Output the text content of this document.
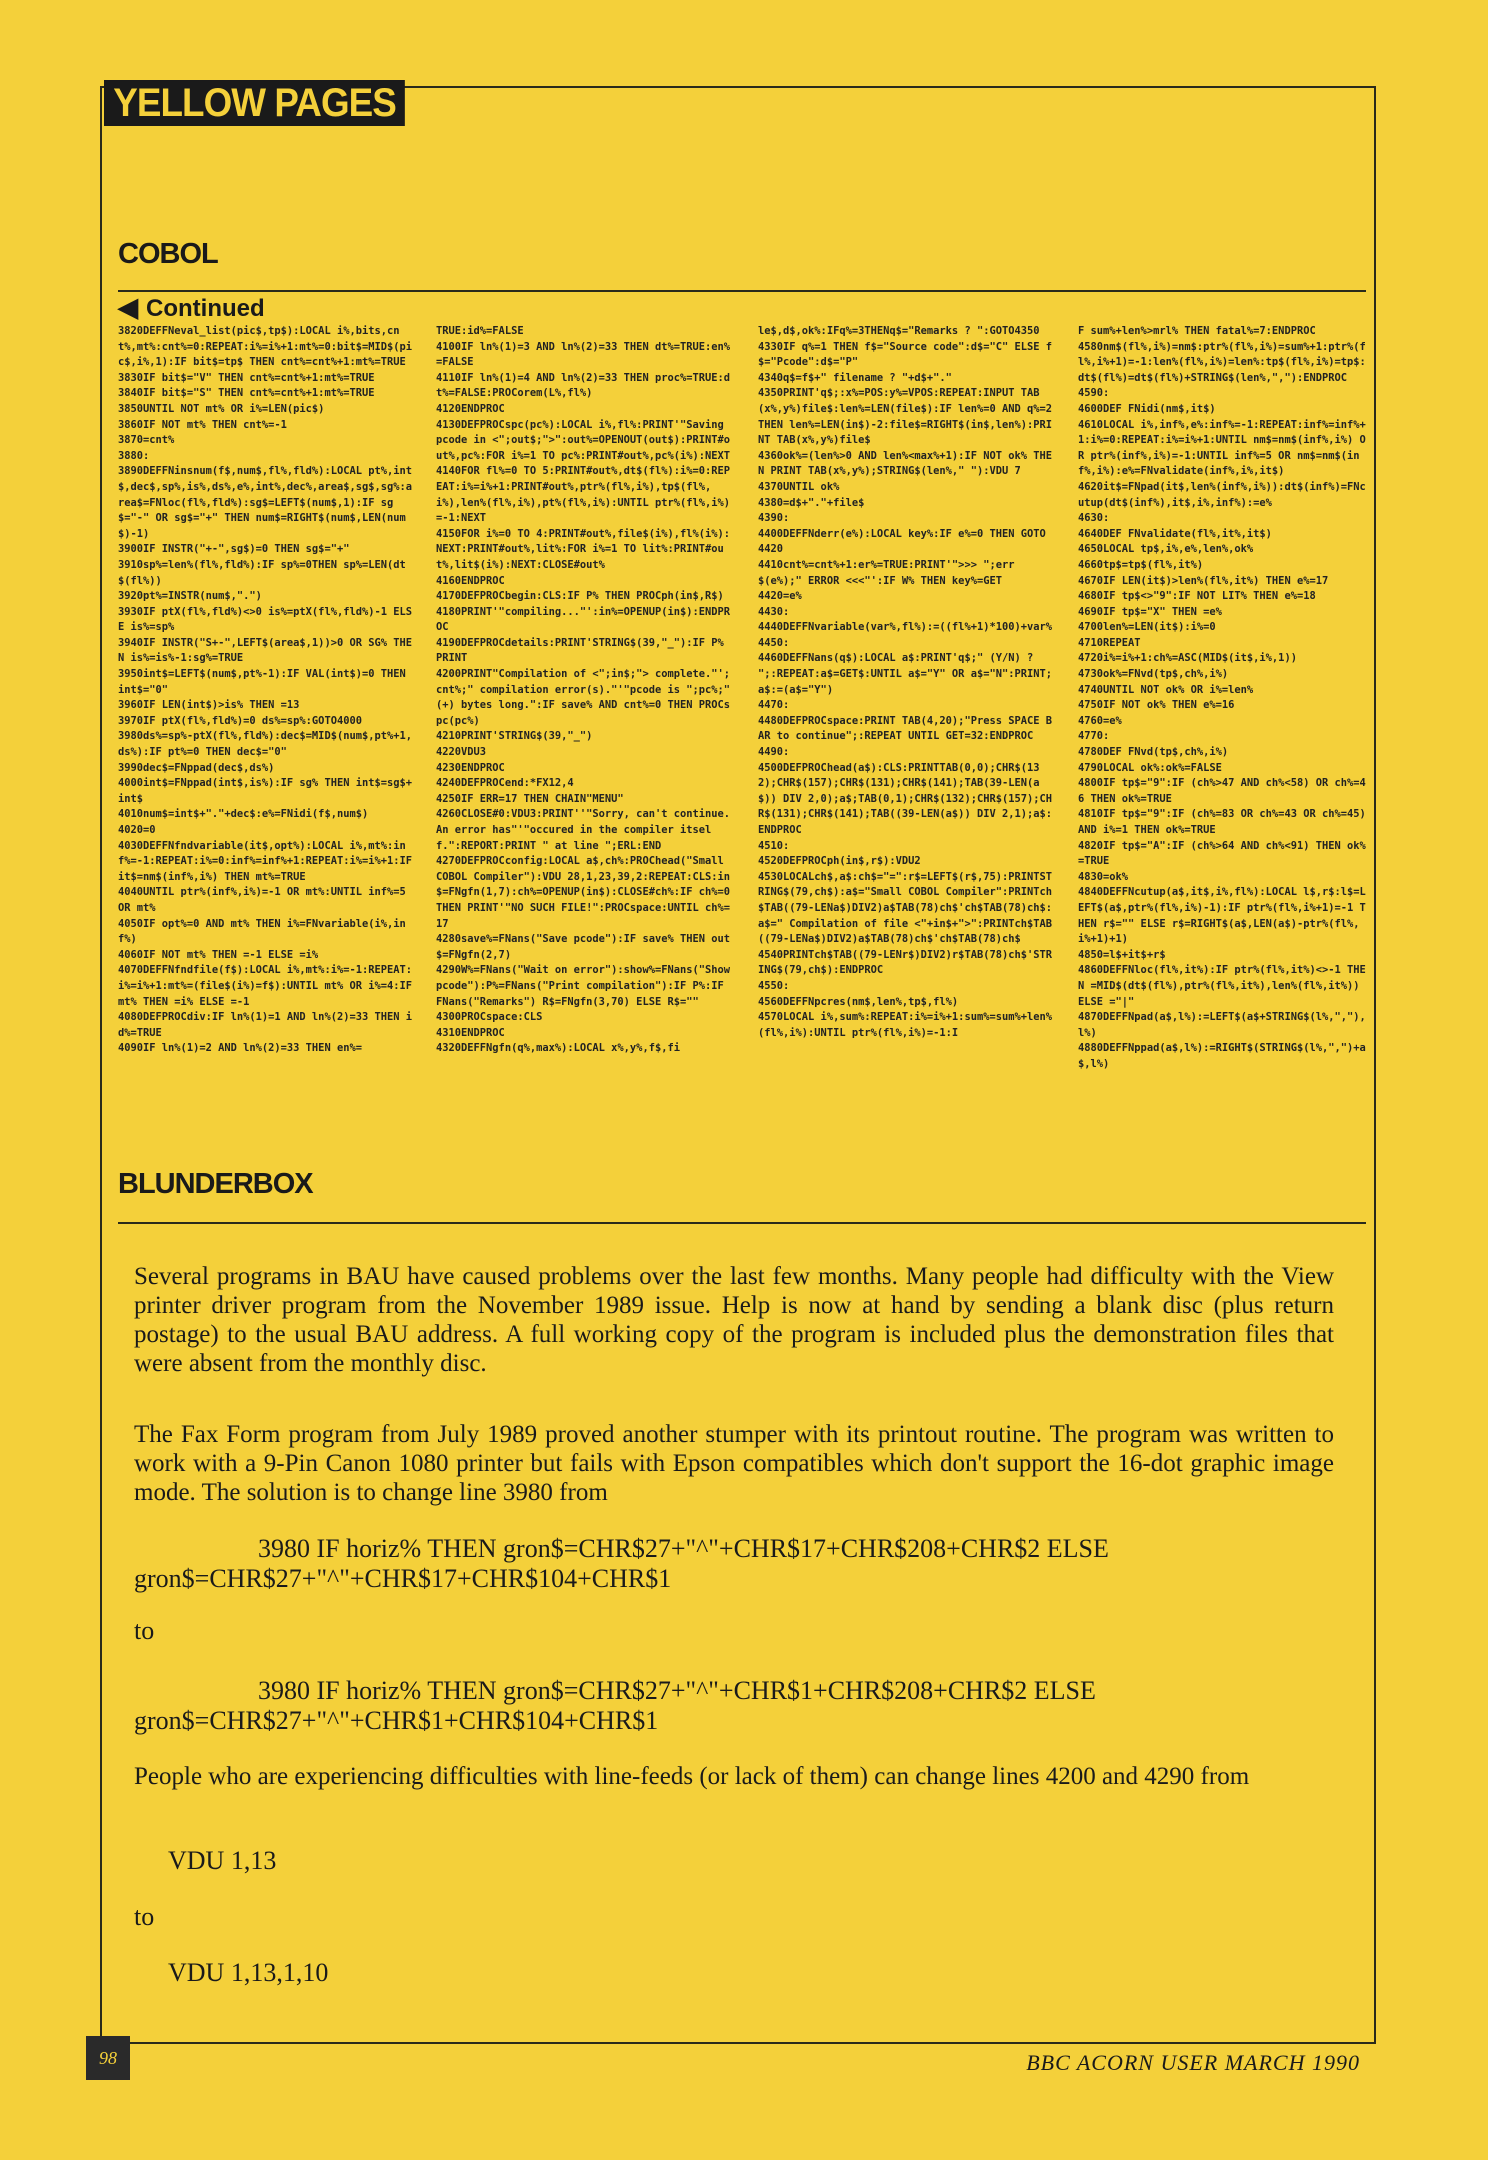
YELLOW PAGES
COBOL
◀ Continued
3820DEFFNeval_list(pic$,tp$):LOCAL i%,bits,cnt%,mt%:cnt%=0:REPEAT:i%=i%+1:mt%=0:bit$=MID$(pic$,i%,1):IF bit$=tp$ THEN cnt%=cnt%+1:mt%=TRUE
3830IF bit$="V" THEN cnt%=cnt%+1:mt%=TRUE
3840IF bit$="S" THEN cnt%=cnt%+1:mt%=TRUE
3850UNTIL NOT mt% OR i%=LEN(pic$)
3860IF NOT mt% THEN cnt%=-1
3870=cnt%
3880:
3890DEFFNinsnum(f$,num$,fl%,fld%):LOCAL pt%,int$,dec$,sp%,is%,ds%,e%,int%,dec%,area$,sg$,sg%:area$=FNloc(fl%,fld%):sg$=LEFT$(num$,1):IF sg$="-" OR sg$="+" THEN num$=RIGHT$(num$,LEN(num$)-1)
3900IF INSTR("+-",sg$)=0 THEN sg$="+"
3910sp%=len%(fl%,fld%):IF sp%=0THEN sp%=LEN(dt$(fl%))
3920pt%=INSTR(num$,".")
3930IF ptX(fl%,fld%)<>0 is%=ptX(fl%,fld%)-1 ELSE is%=sp%
3940IF INSTR("S+-",LEFT$(area$,1))>0 OR SG% THEN is%=is%-1:sg%=TRUE
3950int$=LEFT$(num$,pt%-1):IF VAL(int$)=0 THEN int$="0"
3960IF LEN(int$)>is% THEN =13
3970IF ptX(fl%,fld%)=0 ds%=sp%:GOTO4000
3980ds%=sp%-ptX(fl%,fld%):dec$=MID$(num$,pt%+1,ds%):IF pt%=0 THEN dec$="0"
3990dec$=FNppad(dec$,ds%)
4000int$=FNppad(int$,is%):IF sg% THEN int$=sg$+int$
4010num$=int$+"."+dec$:e%=FNidi(f$,num$)
4020=0
4030DEFFNfndvariable(it$,opt%):LOCAL i%,mt%:inf%=-1:REPEAT:i%=0:inf%=inf%+1:REPEAT:i%=i%+1:IF it$=nm$(inf%,i%) THEN mt%=TRUE
4040UNTIL ptr%(inf%,i%)=-1 OR mt%:UNTIL inf%=5 OR mt%
4050IF opt%=0 AND mt% THEN i%=FNvariable(i%,inf%)
4060IF NOT mt% THEN =-1 ELSE =i%
4070DEFFNfndfile(f$):LOCAL i%,mt%:i%=-1:REPEAT:i%=i%+1:mt%=(file$(i%)=f$):UNTIL mt% OR i%=4:IF mt% THEN =i% ELSE =-1
4080DEFPROCdiv:IF ln%(1)=1 AND ln%(2)=33 THEN id%=TRUE
4090IF ln%(1)=2 AND ln%(2)=33 THEN en%=
TRUE:id%=FALSE
4100IF ln%(1)=3 AND ln%(2)=33 THEN dt%=TRUE:en%=FALSE
4110IF ln%(1)=4 AND ln%(2)=33 THEN proc%=TRUE:dt%=FALSE:PROCorem(L%,fl%)
4120ENDPROC
4130DEFPROCspc(pc%):LOCAL i%,fl%:PRINT'"Saving pcode in <";out$;">":out%=OPENOUT(out$):PRINT#out%,pc%:FOR i%=1 TO pc%:PRINT#out%,pc%(i%):NEXT
4140FOR fl%=0 TO 5:PRINT#out%,dt$(fl%):i%=0:REPEAT:i%=i%+1:PRINT#out%,ptr%(fl%,i%),tp$(fl%,i%),len%(fl%,i%),pt%(fl%,i%):UNTIL ptr%(fl%,i%)=-1:NEXT
4150FOR i%=0 TO 4:PRINT#out%,file$(i%),fl%(i%):NEXT:PRINT#out%,lit%:FOR i%=1 TO lit%:PRINT#out%,lit$(i%):NEXT:CLOSE#out%
4160ENDPROC
4170DEFPROCbegin:CLS:IF P% THEN PROCph(in$,R$)
4180PRINT'"compiling..."':in%=OPENUP(in$):ENDPROC
4190DEFPROCdetails:PRINT'STRING$(39,"_"):IF P% PRINT
4200PRINT"Compilation of <";in$;"> complete."';cnt%;" compilation error(s)."'"pcode is ";pc%;"(+) bytes long.":IF save% AND cnt%=0 THEN PROCspc(pc%)
4210PRINT'STRING$(39,"_")
4220VDU3
4230ENDPROC
4240DEFPROCend:*FX12,4
4250IF ERR=17 THEN CHAIN"MENU"
4260CLOSE#0:VDU3:PRINT''"Sorry, can't continue. An error has"'"occured in the compiler itself.":REPORT:PRINT " at line ";ERL:END
4270DEFPROCconfig:LOCAL a$,ch%:PROChead("Small COBOL Compiler"):VDU 28,1,23,39,2:REPEAT:CLS:in$=FNgfn(1,7):ch%=OPENUP(in$):CLOSE#ch%:IF ch%=0 THEN PRINT'"NO SUCH FILE!":PROCspace:UNTIL ch%=17
4280save%=FNans("Save pcode"):IF save% THEN out$=FNgfn(2,7)
4290W%=FNans("Wait on error"):show%=FNans("Show pcode"):P%=FNans("Print compilation"):IF P%:IF FNans("Remarks") R$=FNgfn(3,70) ELSE R$=""
4300PROCspace:CLS
4310ENDPROC
4320DEFFNgfn(q%,max%):LOCAL x%,y%,f$,fi
le$,d$,ok%:IFq%=3THENq$="Remarks ? ":GOTO4350
4330IF q%=1 THEN f$="Source code":d$="C" ELSE f$="Pcode":d$="P"
4340q$=f$+" filename ? "+d$+"."
4350PRINT'q$;:x%=POS:y%=VPOS:REPEAT:INPUT TAB(x%,y%)file$:len%=LEN(file$):IF len%=0 AND q%=2 THEN len%=LEN(in$)-2:file$=RIGHT$(in$,len%):PRINT TAB(x%,y%)file$
4360ok%=(len%>0 AND len%<max%+1):IF NOT ok% THEN PRINT TAB(x%,y%);STRING$(len%," "):VDU 7
4370UNTIL ok%
4380=d$+"."+file$
4390:
4400DEFFNderr(e%):LOCAL key%:IF e%=0 THEN GOTO 4420
4410cnt%=cnt%+1:er%=TRUE:PRINT'">>> ";err$(e%);" ERROR <<<"':IF W% THEN key%=GET
4420=e%
4430:
4440DEFFNvariable(var%,fl%):=((fl%+1)*100)+var%
4450:
4460DEFFNans(q$):LOCAL a$:PRINT'q$;" (Y/N) ? ";:REPEAT:a$=GET$:UNTIL a$="Y" OR a$="N":PRINT;a$:=(a$="Y")
4470:
4480DEFPROCspace:PRINT TAB(4,20);"Press SPACE BAR to continue";:REPEAT UNTIL GET=32:ENDPROC
4490:
4500DEFPROChead(a$):CLS:PRINTTAB(0,0);CHR$(132);CHR$(157);CHR$(131);CHR$(141);TAB(39-LEN(a$)) DIV 2,0);a$;TAB(0,1);CHR$(132);CHR$(157);CHR$(131);CHR$(141);TAB((39-LEN(a$)) DIV 2,1);a$:ENDPROC
4510:
4520DEFPROCph(in$,r$):VDU2
4530LOCALch$,a$:ch$="=":r$=LEFT$(r$,75):PRINTSTRING$(79,ch$):a$="Small COBOL Compiler":PRINTch$TAB((79-LENa$)DIV2)a$TAB(78)ch$'ch$TAB(78)ch$:a$=" Compilation of file <"+in$+">":PRINTch$TAB((79-LENa$)DIV2)a$TAB(78)ch$'ch$TAB(78)ch$
4540PRINTch$TAB((79-LENr$)DIV2)r$TAB(78)ch$'STRING$(79,ch$):ENDPROC
4550:
4560DEFFNpcres(nm$,len%,tp$,fl%)
4570LOCAL i%,sum%:REPEAT:i%=i%+1:sum%=sum%+len%(fl%,i%):UNTIL ptr%(fl%,i%)=-1:I
F sum%+len%>mrl% THEN fatal%=7:ENDPROC
4580nm$(fl%,i%)=nm$:ptr%(fl%,i%)=sum%+1:ptr%(fl%,i%+1)=-1:len%(fl%,i%)=len%:tp$(fl%,i%)=tp$:dt$(fl%)=dt$(fl%)+STRING$(len%,","):ENDPROC
4590:
4600DEF FNidi(nm$,it$)
4610LOCAL i%,inf%,e%:inf%=-1:REPEAT:inf%=inf%+1:i%=0:REPEAT:i%=i%+1:UNTIL nm$=nm$(inf%,i%) OR ptr%(inf%,i%)=-1:UNTIL inf%=5 OR nm$=nm$(inf%,i%):e%=FNvalidate(inf%,i%,it$)
4620it$=FNpad(it$,len%(inf%,i%)):dt$(inf%)=FNcutup(dt$(inf%),it$,i%,inf%):=e%
4630:
4640DEF FNvalidate(fl%,it%,it$)
4650LOCAL tp$,i%,e%,len%,ok%
4660tp$=tp$(fl%,it%)
4670IF LEN(it$)>len%(fl%,it%) THEN e%=17
4680IF tp$<>"9":IF NOT LIT% THEN e%=18
4690IF tp$="X" THEN =e%
4700len%=LEN(it$):i%=0
4710REPEAT
4720i%=i%+1:ch%=ASC(MID$(it$,i%,1))
4730ok%=FNvd(tp$,ch%,i%)
4740UNTIL NOT ok% OR i%=len%
4750IF NOT ok% THEN e%=16
4760=e%
4770:
4780DEF FNvd(tp$,ch%,i%)
4790LOCAL ok%:ok%=FALSE
4800IF tp$="9":IF (ch%>47 AND ch%<58) OR ch%=46 THEN ok%=TRUE
4810IF tp$="9":IF (ch%=83 OR ch%=43 OR ch%=45) AND i%=1 THEN ok%=TRUE
4820IF tp$="A":IF (ch%>64 AND ch%<91) THEN ok%=TRUE
4830=ok%
4840DEFFNcutup(a$,it$,i%,fl%):LOCAL l$,r$:l$=LEFT$(a$,ptr%(fl%,i%)-1):IF ptr%(fl%,i%+1)=-1 THEN r$="" ELSE r$=RIGHT$(a$,LEN(a$)-ptr%(fl%,i%+1)+1)
4850=l$+it$+r$
4860DEFFNloc(fl%,it%):IF ptr%(fl%,it%)<>-1 THEN =MID$(dt$(fl%),ptr%(fl%,it%),len%(fl%,it%)) ELSE ="|"
4870DEFFNpad(a$,l%):=LEFT$(a$+STRING$(l%,","),l%)
4880DEFFNppad(a$,l%):=RIGHT$(STRING$(l%,",")+a$,l%)
BLUNDERBOX

Several programs in BAU have caused problems over the last few months. Many people had difficulty with the View printer driver program from the November 1989 issue. Help is now at hand by sending a blank disc (plus return postage) to the usual BAU address. A full working copy of the program is included plus the demonstration files that were absent from the monthly disc.

The Fax Form program from July 1989 proved another stumper with its printout routine. The program was written to work with a 9-Pin Canon 1080 printer but fails with Epson compatibles which don't support the 16-dot graphic image mode. The solution is to change line 3980 from

3980 IF horiz% THEN gron$=CHR$27+"^"+CHR$17+CHR$208+CHR$2 ELSE
gron$=CHR$27+"^"+CHR$17+CHR$104+CHR$1
to
3980 IF horiz% THEN gron$=CHR$27+"^"+CHR$1+CHR$208+CHR$2 ELSE
gron$=CHR$27+"^"+CHR$1+CHR$104+CHR$1

People who are experiencing difficulties with line-feeds (or lack of them) can change lines 4200 and 4290 from

VDU 1,13
to
VDU 1,13,1,10
98	BBC ACORN USER MARCH 1990
